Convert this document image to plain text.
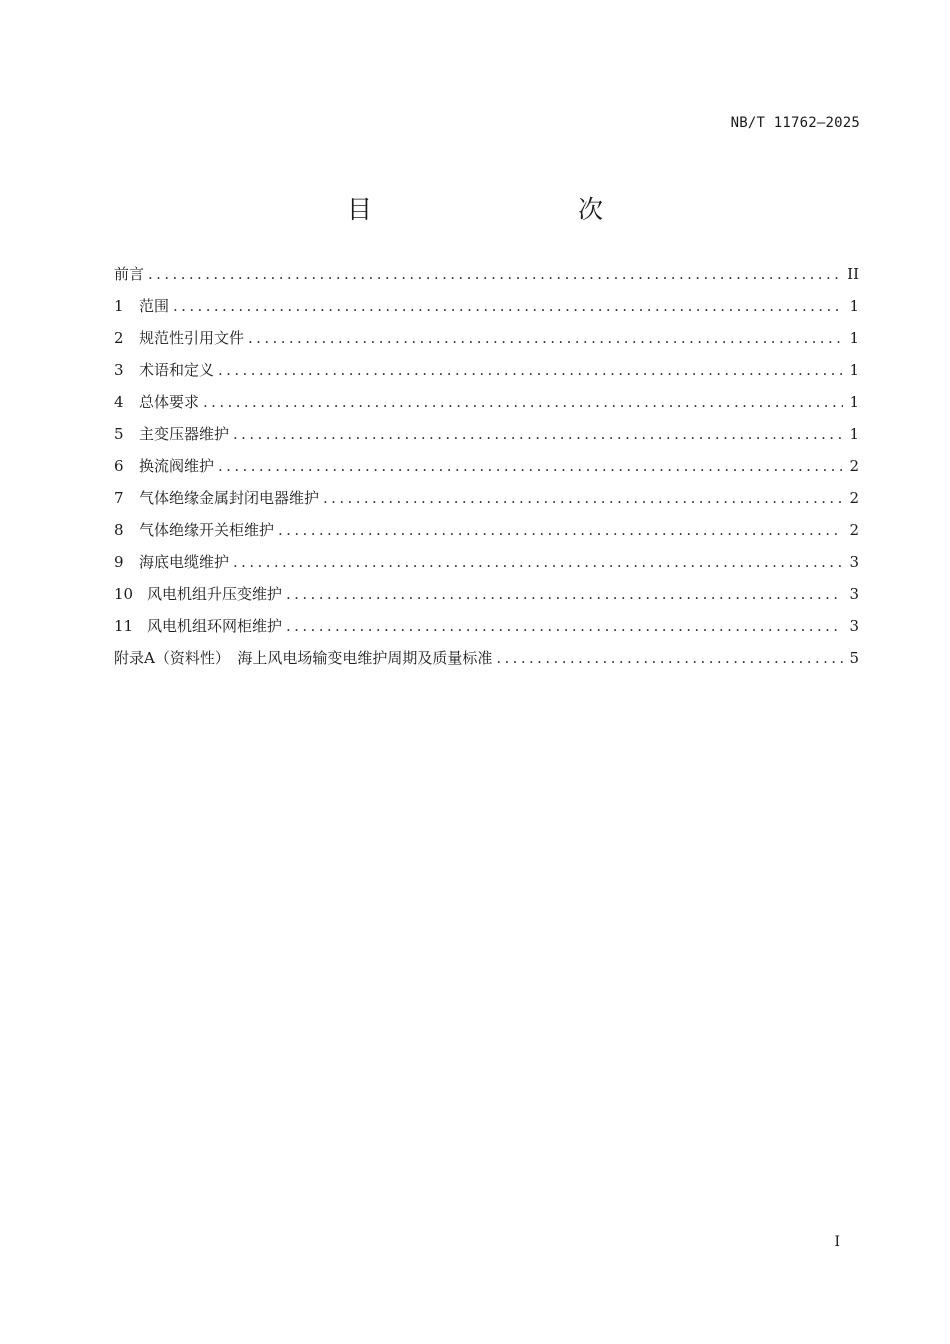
NB/T 11762—2025
目　　次
前言 .....	II
1	范围 .....	1
2	规范性引用文件 .....	1
3	术语和定义 .....	1
4	总体要求 .....	1
5	主变压器维护 .....	1
6	换流阀维护 .....	2
7	气体绝缘金属封闭电器维护 .....	2
8	气体绝缘开关柜维护 .....	2
9	海底电缆维护 .....	3
10 风电机组升压变维护 .....	3
11 风电机组环网柜维护 .....	3
附录A（资料性）　海上风电场输变电维护周期及质量标准 .....	5
I
